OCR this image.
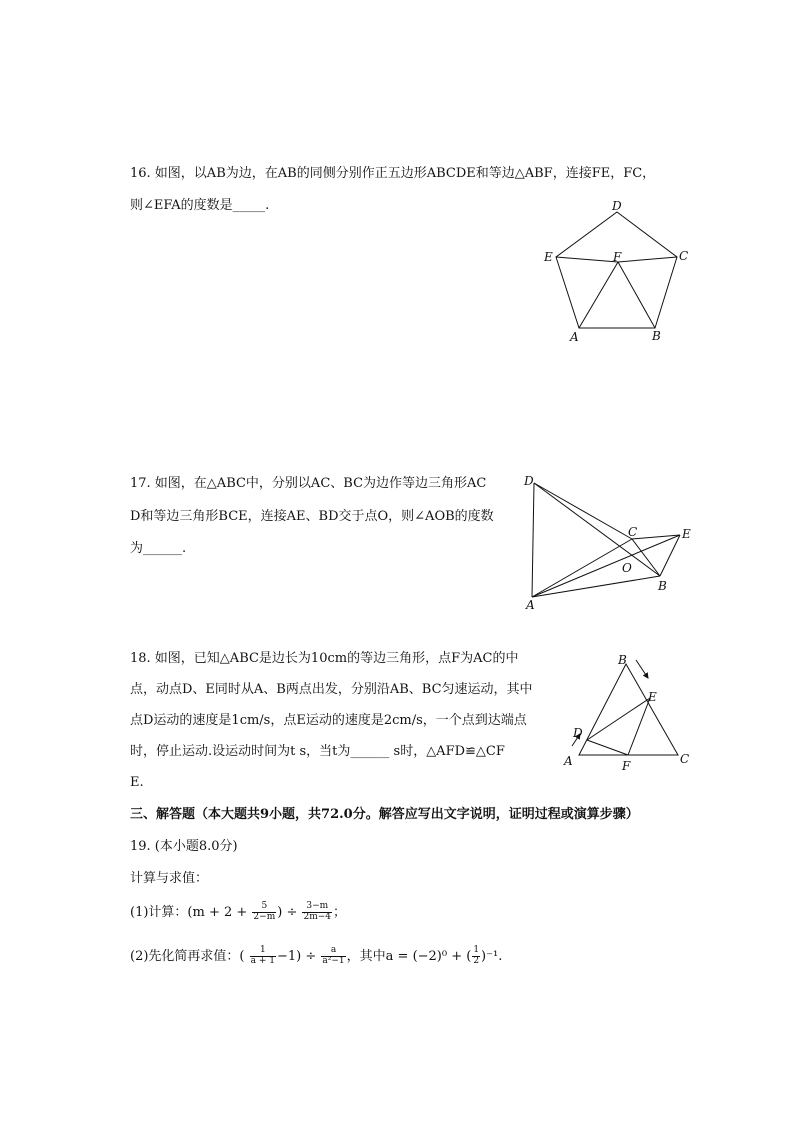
16. 如图，以AB为边，在AB的同侧分别作正五边形ABCDE和等边△ABF，连接FE，FC，
则∠EFA的度数是_____.	D
E	F	C
A	B
17. 如图，在△ABC中，分别以AC、BC为边作等边三角形AC
D和等边三角形BCE，连接AE、BD交于点O，则∠AOB的度数
为______.
D
C	E
O
B
A
18. 如图，已知△ABC是边长为10cm的等边三角形，点F为AC的中
点，动点D、E同时从A、B两点出发，分别沿AB、BC匀速运动，其中
点D运动的速度是1cm/s，点E运动的速度是2cm/s，一个点到达端点
时，停止运动.设运动时间为t s，当t为______ s时，△AFD≌△CF
E.
B
E
D
A	F	C
三、解答题（本大题共9小题，共72.0分。解答应写出文字说明，证明过程或演算步骤）
19. (本小题8.0分)
计算与求值：
(1)计算：($m + 2 + \frac{5}{2-m}$ ) ÷ $\frac{3-m}{2m-4}$ ；
(2)先化简再求值：( $\frac{1}{a + 1} -1) \div \frac{a}{\text{a²−1}}$ ，其中a = (−2)⁰ + ( $\frac{1}{2} )^{-1}$.
